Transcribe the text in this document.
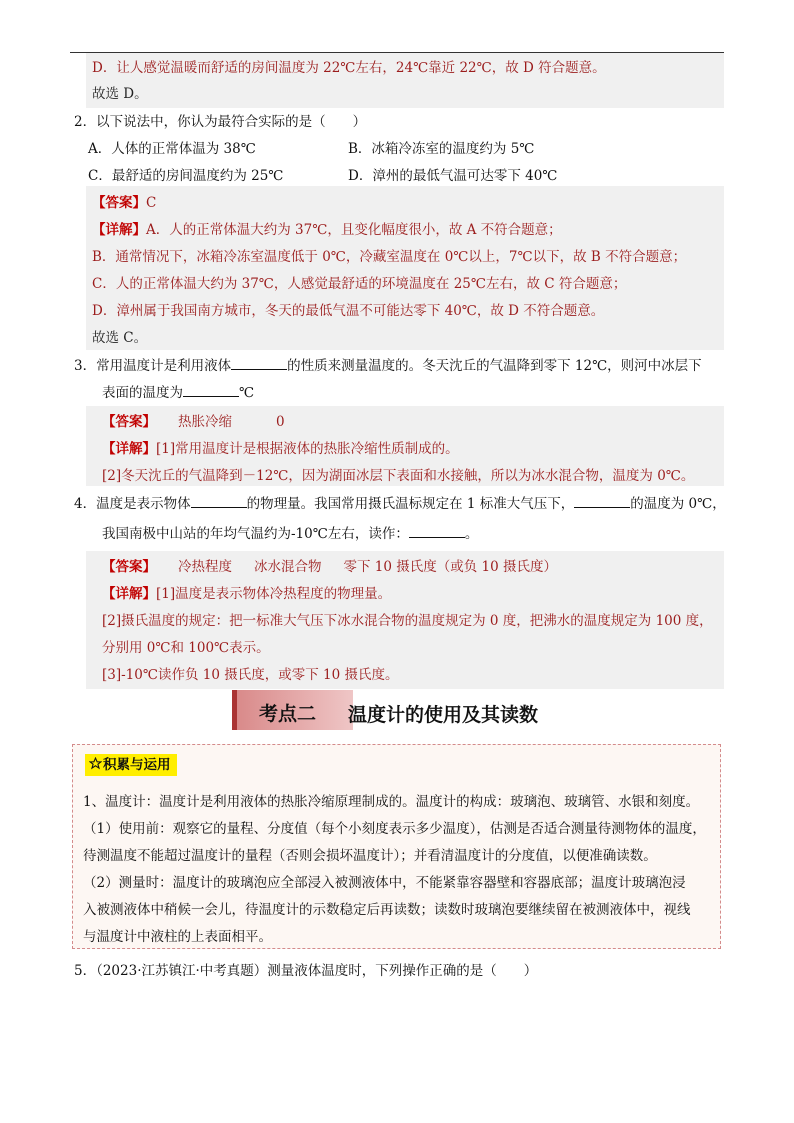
D．让人感觉温暖而舒适的房间温度为 22℃左右，24℃靠近 22℃，故 D 符合题意。
故选 D。
2．以下说法中，你认为最符合实际的是（　　）
A．人体的正常体温为 38℃	B．冰箱冷冻室的温度约为 5℃
C．最舒适的房间温度约为 25℃	D．漳州的最低气温可达零下 40℃
【答案】C
【详解】A．人的正常体温大约为 37℃，且变化幅度很小，故 A 不符合题意；
B．通常情况下，冰箱冷冻室温度低于 0℃，冷藏室温度在 0℃以上，7℃以下，故 B 不符合题意；
C．人的正常体温大约为 37℃，人感觉最舒适的环境温度在 25℃左右，故 C 符合题意；
D．漳州属于我国南方城市，冬天的最低气温不可能达零下 40℃，故 D 不符合题意。
故选 C。
3．常用温度计是利用液体	的性质来测量温度的。冬天沈丘的气温降到零下 12℃，则河中冰层下
表面的温度为	℃
【答案】 热胀冷缩	0
【详解】[1]常用温度计是根据液体的热胀冷缩性质制成的。
[2]冬天沈丘的气温降到－12℃，因为湖面冰层下表面和水接触，所以为冰水混合物，温度为 0℃。
4．温度是表示物体	的物理量。我国常用摄氏温标规定在 1 标准大气压下，	的温度为 0℃，
我国南极中山站的年均气温约为-10℃左右，读作：	。
【答案】 冷热程度 冰水混合物 零下 10 摄氏度（或负 10 摄氏度）
【详解】[1]温度是表示物体冷热程度的物理量。
[2]摄氏温度的规定：把一标准大气压下冰水混合物的温度规定为 0 度，把沸水的温度规定为 100 度，
分别用 0℃和 100℃表示。
[3]-10℃读作负 10 摄氏度，或零下 10 摄氏度。
考点二 温度计的使用及其读数
积累与运用
1、温度计：温度计是利用液体的热胀冷缩原理制成的。温度计的构成：玻璃泡、玻璃管、水银和刻度。
（1）使用前：观察它的量程、分度值（每个小刻度表示多少温度），估测是否适合测量待测物体的温度，
待测温度不能超过温度计的量程（否则会损坏温度计）；并看清温度计的分度值，以便准确读数。
（2）测量时：温度计的玻璃泡应全部浸入被测液体中，不能紧靠容器壁和容器底部；温度计玻璃泡浸
入被测液体中稍候一会儿，待温度计的示数稳定后再读数；读数时玻璃泡要继续留在被测液体中，视线
与温度计中液柱的上表面相平。
5．（2023·江苏镇江·中考真题）测量液体温度时，下列操作正确的是（　　）
